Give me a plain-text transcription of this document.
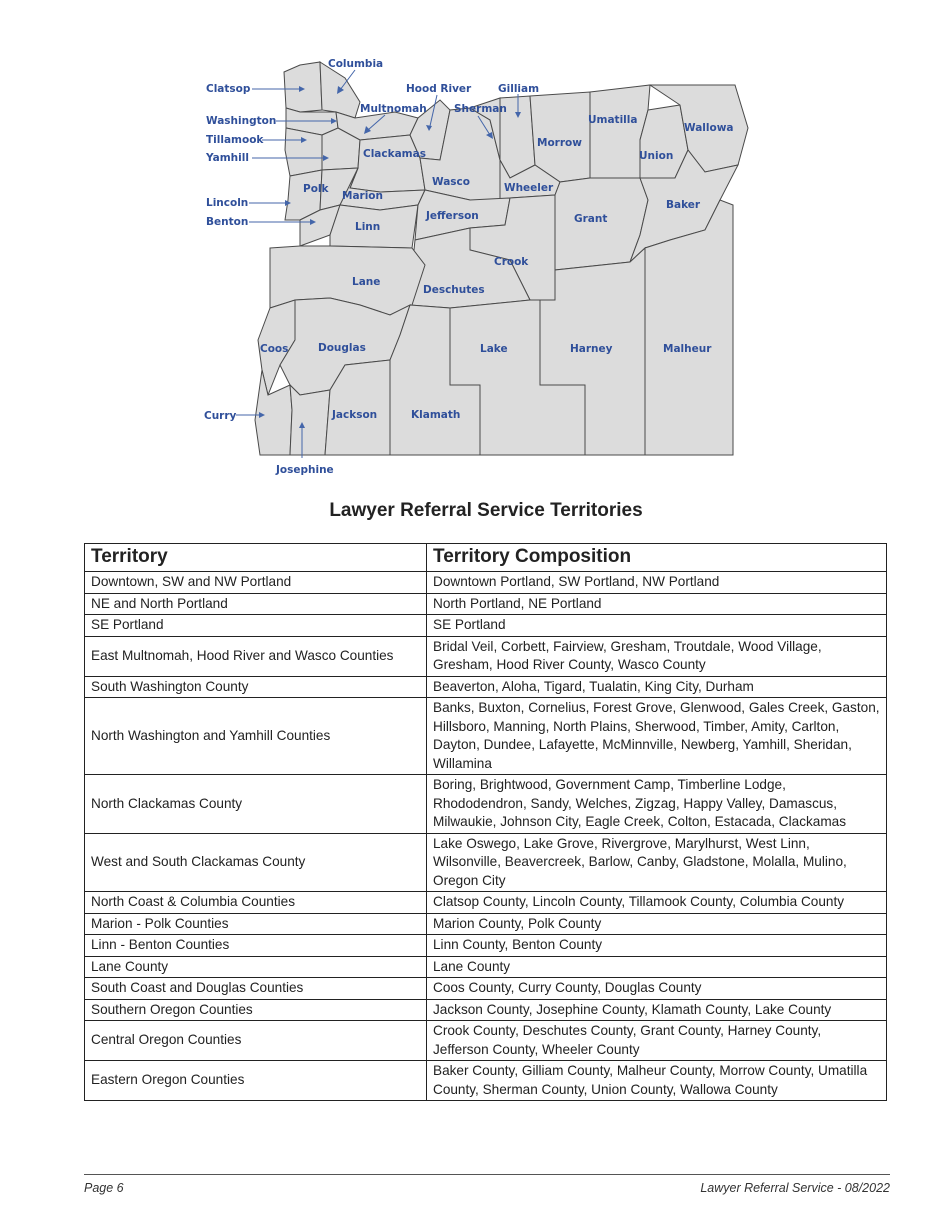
Columbia
Clatsop	Hood River	Gilliam
Multnomah	Sherman
Washington	Umatilla
Wallowa
Tillamook	Morrow
Clackamas	Union
Yamhill
Wasco
Polk	Wheeler
Marion
Lincoln	Baker
Jefferson	Grant
Benton	Linn
Crook
Lane
Deschutes
Coos	Douglas	Lake	Harney	Malheur
Curry	Jackson	Klamath
Josephine
Lawyer Referral Service Territories
Territory	Territory Composition
Downtown, SW and NW Portland	Downtown Portland, SW Portland, NW Portland
NE and North Portland	North Portland, NE Portland
SE Portland	SE Portland
East Multnomah, Hood River and Wasco Counties	Bridal Veil, Corbett, Fairview, Gresham, Troutdale, Wood Village, Gresham, Hood River County, Wasco County
South Washington County	Beaverton, Aloha, Tigard, Tualatin, King City, Durham
North Washington and Yamhill Counties	Banks, Buxton, Cornelius, Forest Grove, Glenwood, Gales Creek, Gaston, Hillsboro, Manning, North Plains, Sherwood, Timber, Amity, Carlton, Dayton, Dundee, Lafayette, McMinnville, Newberg, Yamhill, Sheridan, Willamina
North Clackamas County	Boring, Brightwood, Government Camp, Timberline Lodge, Rhododendron, Sandy, Welches, Zigzag, Happy Valley, Damascus, Milwaukie, Johnson City, Eagle Creek, Colton, Estacada, Clackamas
West and South Clackamas County	Lake Oswego, Lake Grove, Rivergrove, Marylhurst, West Linn, Wilsonville, Beavercreek, Barlow, Canby, Gladstone, Molalla, Mulino, Oregon City
North Coast & Columbia Counties	Clatsop County, Lincoln County, Tillamook County, Columbia County
Marion - Polk Counties	Marion County, Polk County
Linn - Benton Counties	Linn County, Benton County
Lane County	Lane County
South Coast and Douglas Counties	Coos County, Curry County, Douglas County
Southern Oregon Counties	Jackson County, Josephine County, Klamath County, Lake County
Central Oregon Counties	Crook County, Deschutes County, Grant County, Harney County, Jefferson County, Wheeler County
Eastern Oregon Counties	Baker County, Gilliam County, Malheur County, Morrow County, Umatilla County, Sherman County, Union County, Wallowa County
Page 6	Lawyer Referral Service - 08/2022
